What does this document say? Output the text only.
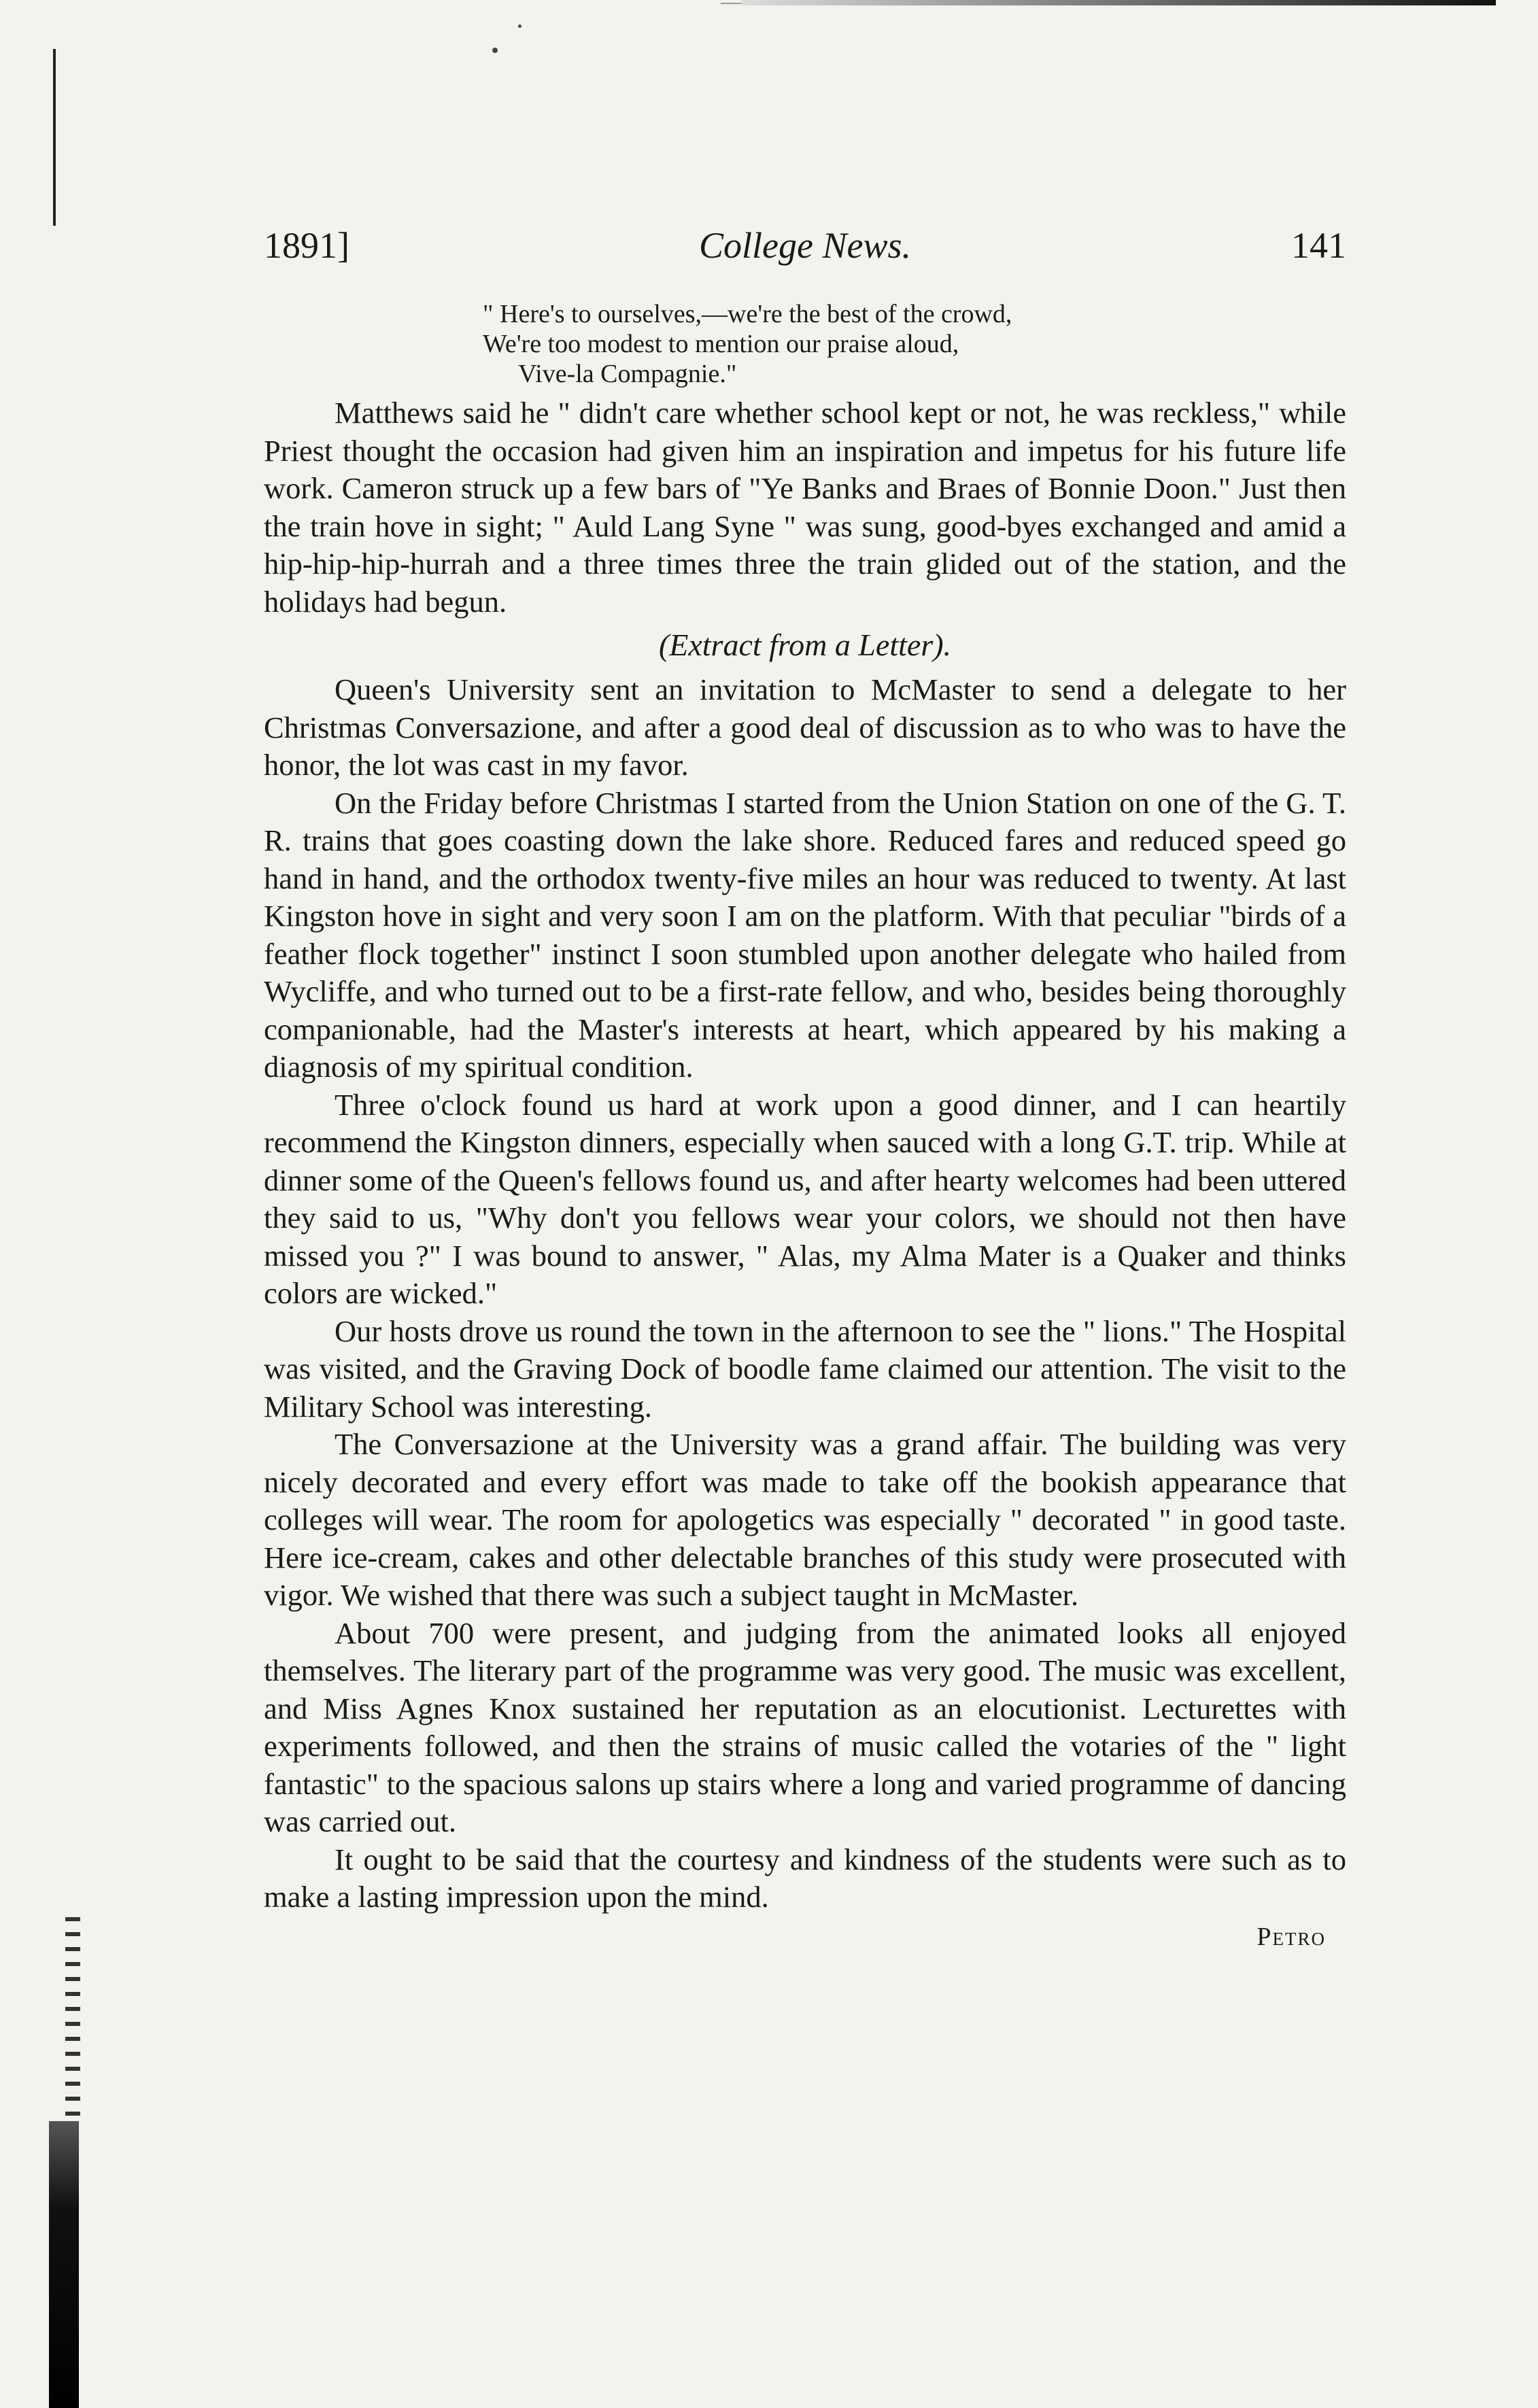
1891]	College News.	141
" Here's to ourselves,—we're the best of the crowd,
We're too modest to mention our praise aloud,
Vive-la Compagnie."

Matthews said he " didn't care whether school kept or not, he was reckless," while Priest thought the occasion had given him an inspiration and impetus for his future life work. Cameron struck up a few bars of "Ye Banks and Braes of Bonnie Doon." Just then the train hove in sight; " Auld Lang Syne " was sung, good-byes exchanged and amid a hip-hip-hip-hurrah and a three times three the train glided out of the station, and the holidays had begun.

(Extract from a Letter).

Queen's University sent an invitation to McMaster to send a delegate to her Christmas Conversazione, and after a good deal of discussion as to who was to have the honor, the lot was cast in my favor.

On the Friday before Christmas I started from the Union Station on one of the G. T. R. trains that goes coasting down the lake shore. Reduced fares and reduced speed go hand in hand, and the orthodox twenty-five miles an hour was reduced to twenty. At last Kingston hove in sight and very soon I am on the platform. With that peculiar "birds of a feather flock together" instinct I soon stumbled upon another delegate who hailed from Wycliffe, and who turned out to be a first-rate fellow, and who, besides being thoroughly companionable, had the Master's interests at heart, which appeared by his making a diagnosis of my spiritual condition.

Three o'clock found us hard at work upon a good dinner, and I can heartily recommend the Kingston dinners, especially when sauced with a long G.T. trip. While at dinner some of the Queen's fellows found us, and after hearty welcomes had been uttered they said to us, "Why don't you fellows wear your colors, we should not then have missed you ?" I was bound to answer, " Alas, my Alma Mater is a Quaker and thinks colors are wicked."

Our hosts drove us round the town in the afternoon to see the " lions." The Hospital was visited, and the Graving Dock of boodle fame claimed our attention. The visit to the Military School was interesting.

The Conversazione at the University was a grand affair. The building was very nicely decorated and every effort was made to take off the bookish appearance that colleges will wear. The room for apologetics was especially " decorated " in good taste. Here ice-cream, cakes and other delectable branches of this study were prosecuted with vigor. We wished that there was such a subject taught in McMaster.

About 700 were present, and judging from the animated looks all enjoyed themselves. The literary part of the programme was very good. The music was excellent, and Miss Agnes Knox sustained her reputation as an elocutionist. Lecturettes with experiments followed, and then the strains of music called the votaries of the " light fantastic" to the spacious salons up stairs where a long and varied programme of dancing was carried out.

It ought to be said that the courtesy and kindness of the students were such as to make a lasting impression upon the mind.

Petro
